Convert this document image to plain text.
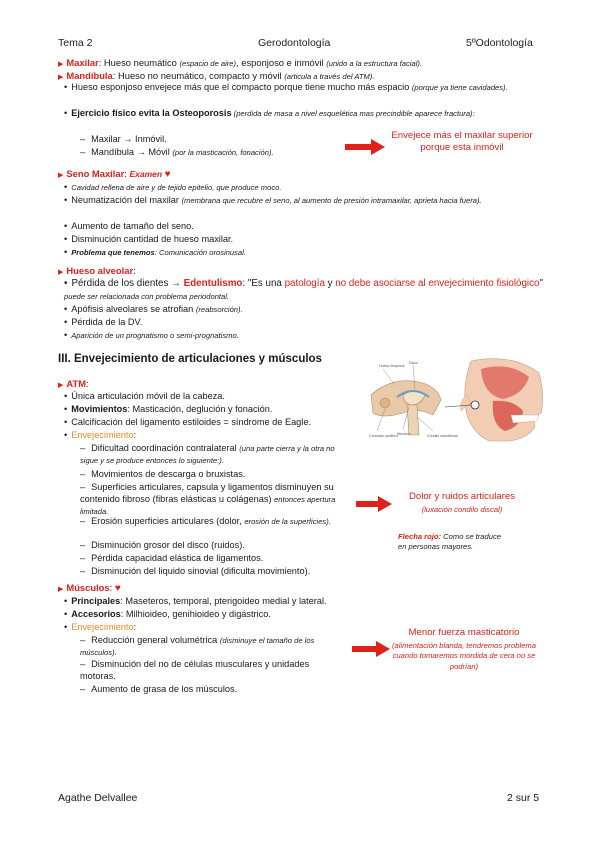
Tema 2	Gerodontología	5ºOdontología
▶ Maxilar: Hueso neumático (espacio de aire), esponjoso e inmóvil (unido a la estructura facial).
▶ Mandíbula: Hueso no neumático, compacto y móvil (articula a través del ATM).
• Hueso esponjoso envejece más que el compacto porque tiene mucho más espacio (porque ya tiene cavidades).
• Ejercicio físico evita la Osteoporosis (perdida de masa a nivel esquelética mas precindible aparece fractura):
– Maxilar → Inmóvil.
– Mandíbula → Móvil (por la masticación, fonación).
Envejece más el maxilar superior porque esta inmóvil
▶ Seno Maxilar: Examen ♥
• Cavidad rellena de aire y de tejido epitelio, que produce moco.
• Neumatización del maxilar (membrana que recubre el seno, al aumento de presión intramaxilar, aprieta hacia fuera).
• Aumento de tamaño del seno.
• Disminución cantidad de hueso maxilar.
• Problema que tenemos: Comunicación orosinusal.
▶ Hueso alveolar:
• Pérdida de los dientes → Edentulismo: "Es una patología y no debe asociarse al envejecimiento fisiológico" puede ser relacionada con problema periodontal.
• Apófisis alveolares se atrofian (reabsorción).
• Pérdida de la DV.
• Aparición de un prognatismo o semi-prognatismo.
III. Envejecimiento de articulaciones y músculos
Hueso temporal
Disco
Conducto auditivo Menisco	Cóndilo mandibular
▶ ATM:
• Única articulación móvil de la cabeza.
• Movimientos: Masticación, deglución y fonación.
• Calcificación del ligamento estiloides = síndrome de Eagle.
• Envejecimiento:
– Dificultad coordinación contralateral (una parte cierra y la otra no sigue y se produce entonces lo siguiente:).
– Movimientos de descarga o bruxistas.
– Superficies articulares, capsula y ligamentos disminuyen su contenido fibroso (fibras elásticas u colágenas) entonces apertura limitada.
– Erosión superficies articulares (dolor, erosión de la superficies).
– Disminución grosor del disco (ruidos).
– Pérdida capacidad elástica de ligamentos.
– Disminución del liquido sinovial (dificulta movimiento).
Dolor y ruidos articulares
(luxación condilo discal)
Flecha rojo: Como se traduce en personas mayores.
▶ Músculos: ♥
• Principales: Maseteros, temporal, pterigoideo medial y lateral.
• Accesorios: Milhioideo, genihioideo y digástrico.
• Envejecimiento:
– Reducción general volumétrica (disminuye el tamaño de los músculos).
– Disminución del no de células musculares y unidades motoras.
– Aumento de grasa de los músculos.
Menor fuerza masticatorio
(alimentación blanda, tendremos problema cuando tomaremos mordida de cera no se podrían)
Agathe Delvallee	2 sur 5
